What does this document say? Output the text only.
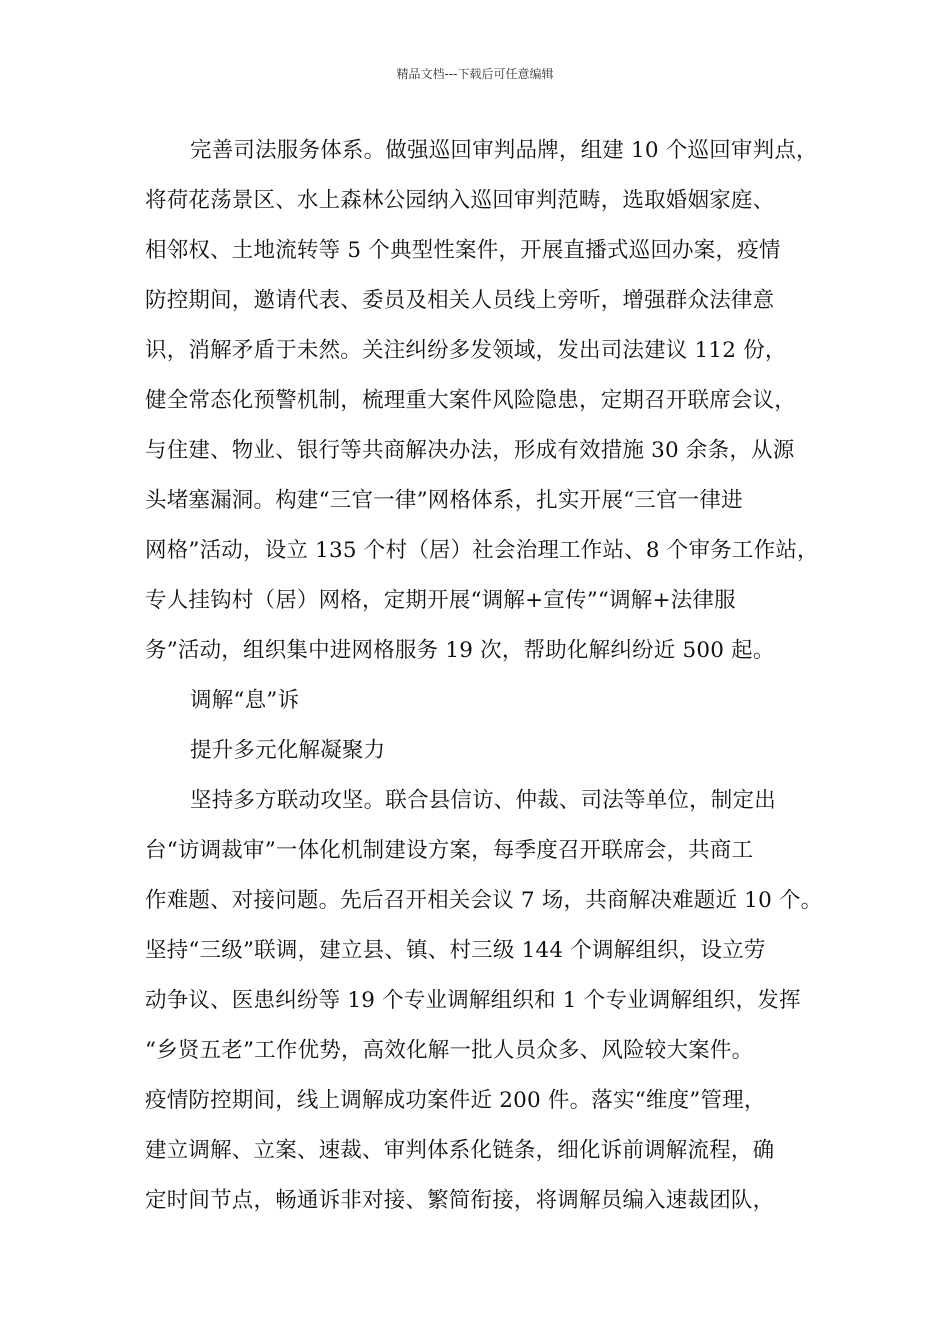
精品文档---下载后可任意编辑
完善司法服务体系。做强巡回审判品牌，组建 10 个巡回审判点，
将荷花荡景区、水上森林公园纳入巡回审判范畴，选取婚姻家庭、
相邻权、土地流转等 5 个典型性案件，开展直播式巡回办案，疫情
防控期间，邀请代表、委员及相关人员线上旁听，增强群众法律意
识，消解矛盾于未然。关注纠纷多发领域，发出司法建议 112 份，
健全常态化预警机制，梳理重大案件风险隐患，定期召开联席会议，
与住建、物业、银行等共商解决办法，形成有效措施 30 余条，从源
头堵塞漏洞。构建“三官一律”网格体系，扎实开展“三官一律进
网格”活动，设立 135 个村（居）社会治理工作站、8 个审务工作站，
专人挂钩村（居）网格，定期开展“调解+宣传”“调解+法律服
务”活动，组织集中进网格服务 19 次，帮助化解纠纷近 500 起。
调解“息”诉
提升多元化解凝聚力
坚持多方联动攻坚。联合县信访、仲裁、司法等单位，制定出
台“访调裁审”一体化机制建设方案，每季度召开联席会，共商工
作难题、对接问题。先后召开相关会议 7 场，共商解决难题近 10 个。
坚持“三级”联调，建立县、镇、村三级 144 个调解组织，设立劳
动争议、医患纠纷等 19 个专业调解组织和 1 个专业调解组织，发挥
“乡贤五老”工作优势，高效化解一批人员众多、风险较大案件。
疫情防控期间，线上调解成功案件近 200 件。落实“维度”管理，
建立调解、立案、速裁、审判体系化链条，细化诉前调解流程，确
定时间节点，畅通诉非对接、繁简衔接，将调解员编入速裁团队，
